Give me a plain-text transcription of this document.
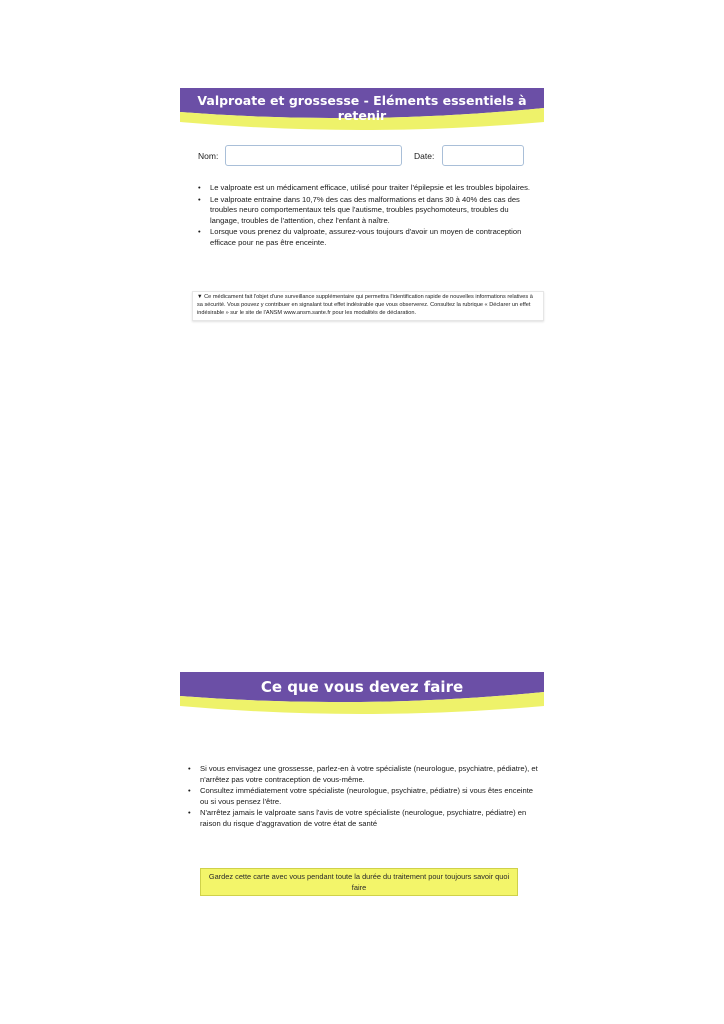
Valproate et grossesse - Eléments essentiels à retenir
Nom:	Date:
• Le valproate est un médicament efficace, utilisé pour traiter l'épilepsie et les troubles bipolaires.
• Le valproate entraine dans 10,7% des cas des malformations et dans 30 à 40% des cas des troubles neuro comportementaux tels que l'autisme, troubles psychomoteurs, troubles du langage, troubles de l'attention, chez l'enfant à naître.
• Lorsque vous prenez du valproate, assurez-vous toujours d'avoir un moyen de contraception efficace pour ne pas être enceinte.
▼ Ce médicament fait l'objet d'une surveillance supplémentaire qui permettra l'identification rapide de nouvelles informations relatives à sa sécurité. Vous pouvez y contribuer en signalant tout effet indésirable que vous observerez. Consultez la rubrique « Déclarer un effet indésirable » sur le site de l'ANSM www.ansm.sante.fr pour les modalités de déclaration.
Ce que vous devez faire
• Si vous envisagez une grossesse, parlez-en à votre spécialiste (neurologue, psychiatre, pédiatre), et n'arrêtez pas votre contraception de vous-même.
• Consultez immédiatement votre spécialiste (neurologue, psychiatre, pédiatre) si vous êtes enceinte ou si vous pensez l'être.
• N'arrêtez jamais le valproate sans l'avis de votre spécialiste (neurologue, psychiatre, pédiatre) en raison du risque d'aggravation de votre état de santé
Gardez cette carte avec vous pendant toute la durée du traitement pour toujours savoir quoi faire
